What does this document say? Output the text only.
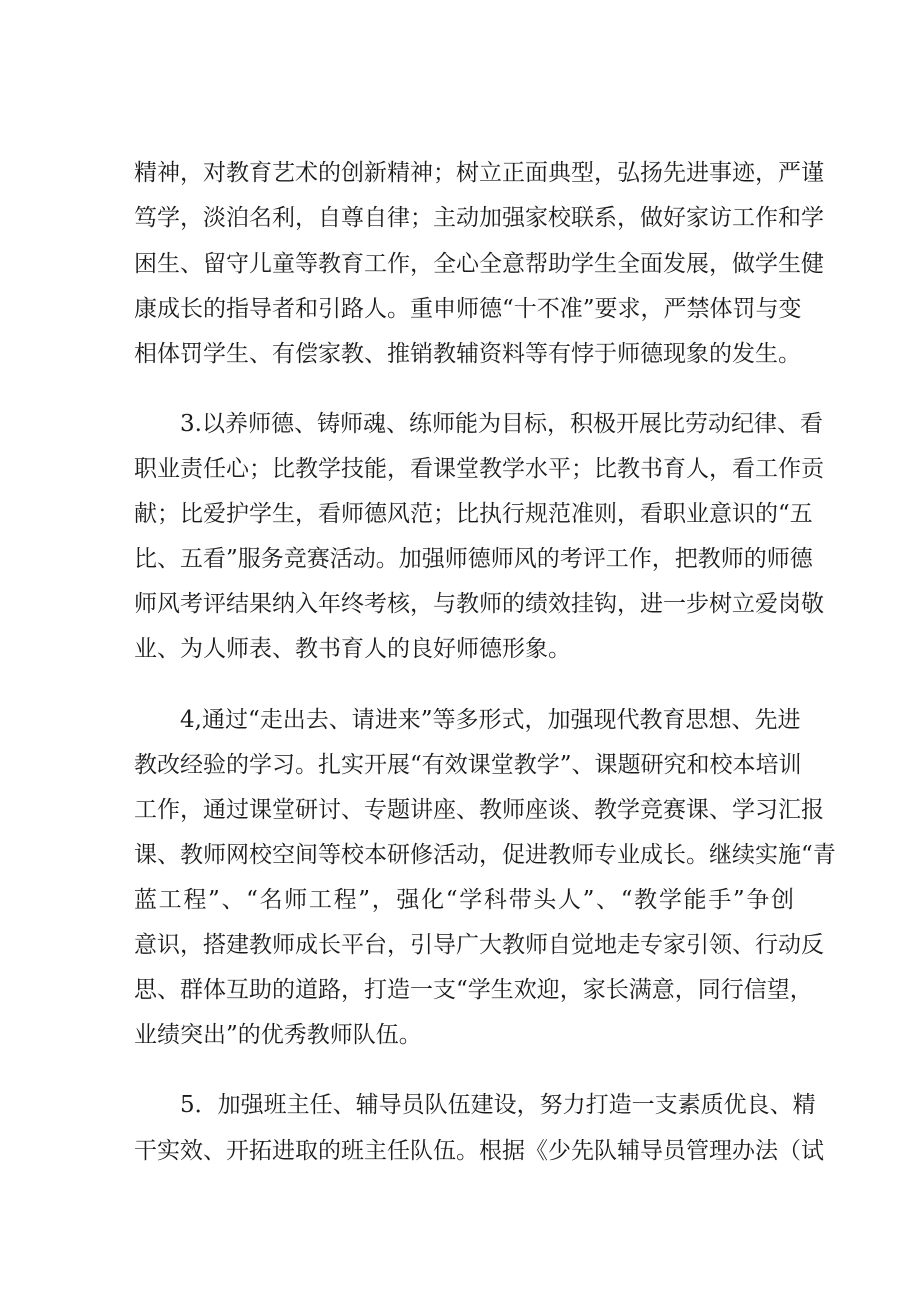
精神，对教育艺术的创新精神；树立正面典型，弘扬先进事迹，严谨
笃学，淡泊名利，自尊自律；主动加强家校联系，做好家访工作和学
困生、留守儿童等教育工作，全心全意帮助学生全面发展，做学生健
康成长的指导者和引路人。重申师德“十不准”要求，严禁体罚与变
相体罚学生、有偿家教、推销教辅资料等有悖于师德现象的发生。
3.以养师德、铸师魂、练师能为目标，积极开展比劳动纪律、看
职业责任心；比教学技能，看课堂教学水平；比教书育人，看工作贡
献；比爱护学生，看师德风范；比执行规范准则，看职业意识的“五
比、五看”服务竞赛活动。加强师德师风的考评工作，把教师的师德
师风考评结果纳入年终考核，与教师的绩效挂钩，进一步树立爱岗敬
业、为人师表、教书育人的良好师德形象。
4,通过“走出去、请进来”等多形式，加强现代教育思想、先进
教改经验的学习。扎实开展“有效课堂教学”、课题研究和校本培训
工作，通过课堂研讨、专题讲座、教师座谈、教学竞赛课、学习汇报
课、教师网校空间等校本研修活动，促进教师专业成长。继续实施“青
蓝工程”、“名师工程”，强化“学科带头人”、“教学能手”争创
意识，搭建教师成长平台，引导广大教师自觉地走专家引领、行动反
思、群体互助的道路，打造一支“学生欢迎，家长满意，同行信望，
业绩突出”的优秀教师队伍。
5．加强班主任、辅导员队伍建设，努力打造一支素质优良、精
干实效、开拓进取的班主任队伍。根据《少先队辅导员管理办法（试
